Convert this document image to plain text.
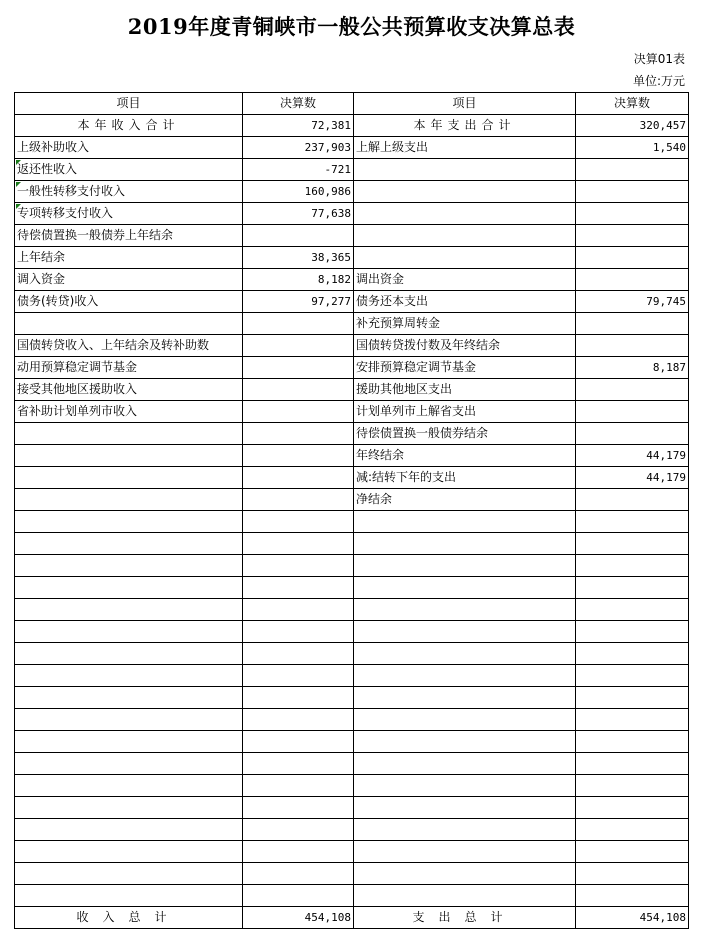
2019年度青铜峡市一般公共预算收支决算总表
决算01表
单位:万元
项目	决算数	项目	决算数
本年收入合计	72,381	本年支出合计	320,457
上级补助收入	237,903	上解上级支出	1,540
返还性收入	-721		
一般性转移支付收入	160,986		
专项转移支付收入	77,638		
待偿债置换一般债券上年结余			
上年结余	38,365		
调入资金	8,182	调出资金	
债务(转贷)收入	97,277	债务还本支出	79,745
		补充预算周转金	
国债转贷收入、上年结余及转补助数		国债转贷拨付数及年终结余	
动用预算稳定调节基金		安排预算稳定调节基金	8,187
接受其他地区援助收入		援助其他地区支出	
省补助计划单列市收入		计划单列市上解省支出	
		待偿债置换一般债券结余	
		年终结余	44,179
		减:结转下年的支出	44,179
		净结余	

收入总计	454,108	支出总计	454,108
